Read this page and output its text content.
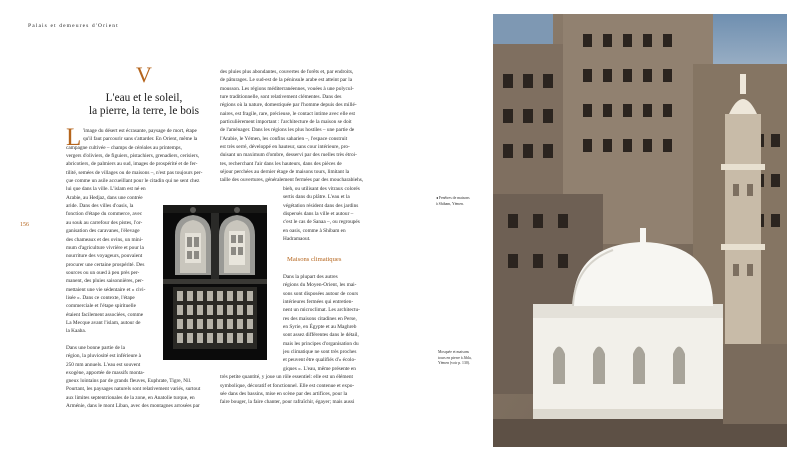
Palais et demeures d'Orient
156
V
L'eau et le soleil,
la pierre, la terre, le bois
L 'image du désert est écrasante, paysage de mort, étape
qu'il faut parcourir sans s'attarder. En Orient, même la
campagne cultivée – champs de céréales au printemps,
vergers d'oliviers, de figuiers, pistachiers, grenadiers, cerisiers,
abricotiers, de palmiers au sud, images de prospérité et de fer-
tilité, semées de villages ou de maisons –, n'est pas toujours per-
çue comme un asile accueillant pour le citadin qui ne sent chez
lui que dans la ville. L'islam est né en
Arabie, au Hedjaz, dans une contrée
aride. Dans des villes d'oasis, la
fonction d'étape du commerce, avec
au souk au carrefour des pistes, l'or-
ganisation des caravanes, l'élevage
des chameaux et des ovins, un mini-
mum d'agriculture vivrière et pour la
nourriture des voyageurs, pouvaient
procurer une certaine prospérité. Des
sources ou un oued à peu près per-
manent, des pluies saisonnières, per-
mettaient une vie sédentaire et « civi-
lisée ». Dans ce contexte, l'étape
commerciale et l'étape spirituelle
étaient facilement associées, comme
La Mecque avant l'islam, autour de
la Kaaba.

Dans une bonne partie de la
région, la pluviosité est inférieure à
250 mm annuels. L'eau est souvent
exogène, apportée de massifs monta-
gneux lointains par de grands fleuves, Euphrate, Tigre, Nil.
Pourtant, les paysages naturels sont relativement variés, surtout
aux limites septentrionales de la zone, en Anatolie turque, en
Arménie, dans le mont Liban, avec des montagnes arrosées par
des pluies plus abondantes, couvertes de forêts et, par endroits,
de pâturages. Le sud-est de la péninsule arabe est atteint par la
mousson. Les régions méditerranéennes, vouées à une polycul-
ture traditionnelle, sont relativement clémentes. Dans des
régions où la nature, domestiquée par l'homme depuis des millé-
naires, est fragile, rare, précieuse, le contact intime avec elle est
particulièrement important : l'architecture de la maison se doit
de l'aménager. Dans les régions les plus hostiles – une partie de
l'Arabie, le Yémen, les confins saharien –, l'espace construit
est très serré, développé en hauteur, sans cour intérieure, pro-
duisant un maximum d'ombre, desservi par des ruelles très étroi-
tes, recherchant l'air dans les hauteurs, dans des pièces de
séjour perchées au dernier étage de maisons tours, limitant la
taille des ouvertures, généralement fermées par des moucharabiehs,
bieh, ou utilisant des vitraux colorés
sertis dans du plâtre. L'eau et la
végétation résident dans des jardins
dispersés dans la ville et autour –
c'est le cas de Sanaa –, ou regroupés
en oasis, comme à Shibam en
Hadramaout.
Maisons climatiques
Dans la plupart des autres
régions du Moyen-Orient, les mai-
sons sont disposées autour de cours
intérieures fermées qui entretien-
nent un microclimat. Les architectu-
res des maisons citadines en Perse,
en Syrie, en Égypte et au Maghreb
sont assez différentes dans le détail,
mais les principes d'organisation du
jeu climatique ne sont très proches
et peuvent être qualifiés d'« écolo-
giques ». L'eau, même présente en
très petite quantité, y joue un rôle essentiel: elle est un élément
symbolique, décoratif et fonctionnel. Elle est contenue et expo-
sée dans des bassins, mise en scène par des artifices, pour la
faire bouger, la faire chanter, pour rafraîchir, égayer; mais aussi
◂ Fenêtres de maisons
à Shibam, Yémen.
Mosquée et maisons
tours en pierre à Jibla,
Yémen (voir p. 130).
